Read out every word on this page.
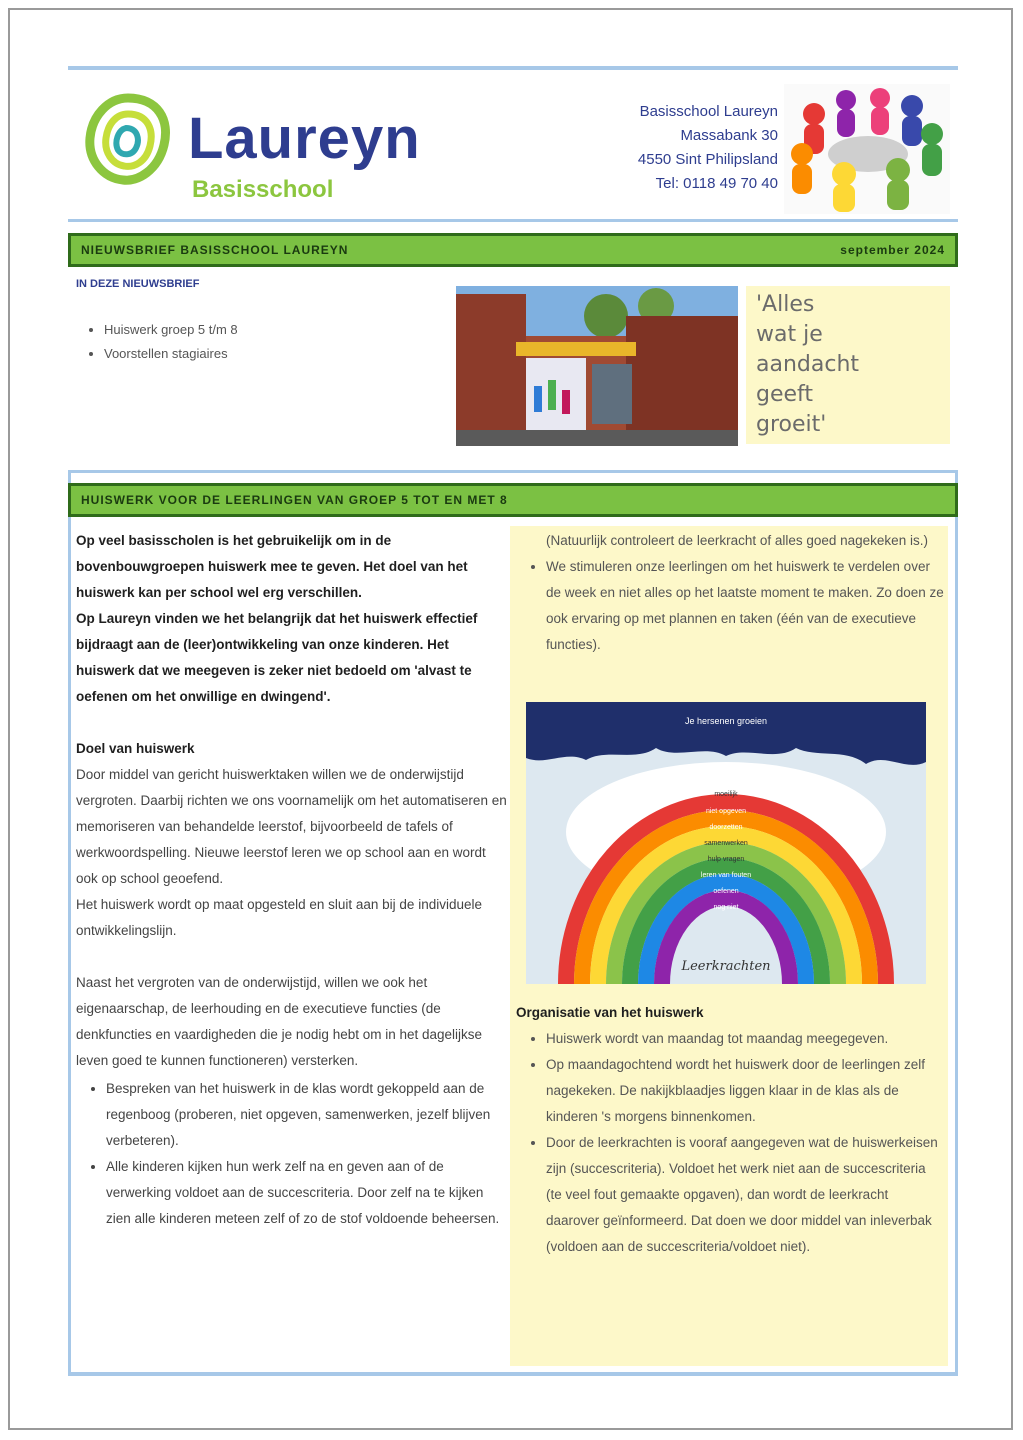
Laureyn
Basisschool
Basisschool Laureyn
Massabank 30
4550 Sint Philipsland
Tel: 0118 49 70 40
NIEUWSBRIEF BASISSCHOOL LAUREYN	september 2024
IN DEZE NIEUWSBRIEF
• Huiswerk groep 5 t/m 8
• Voorstellen stagiaires
'Alles
wat je
aandacht
geeft
groeit'
HUISWERK VOOR DE LEERLINGEN VAN GROEP 5 TOT EN MET 8

Op veel basisscholen is het gebruikelijk om in de bovenbouwgroepen huiswerk mee te geven. Het doel van het huiswerk kan per school wel erg verschillen.

Op Laureyn vinden we het belangrijk dat het huiswerk effectief bijdraagt aan de (leer)ontwikkeling van onze kinderen. Het huiswerk dat we meegeven is zeker niet bedoeld om 'alvast te oefenen om het onwillige en dwingend'.

Doel van huiswerk

Door middel van gericht huiswerktaken willen we de onderwijstijd vergroten. Daarbij richten we ons voornamelijk om het automatiseren en memoriseren van behandelde leerstof, bijvoorbeeld de tafels of werkwoordspelling. Nieuwe leerstof leren we op school aan en wordt ook op school geoefend.

Het huiswerk wordt op maat opgesteld en sluit aan bij de individuele ontwikkelingslijn.

Naast het vergroten van de onderwijstijd, willen we ook het eigenaarschap, de leerhouding en de executieve functies (de denkfuncties en vaardigheden die je nodig hebt om in het dagelijkse leven goed te kunnen functioneren) versterken.

• Bespreken van het huiswerk in de klas wordt gekoppeld aan de regenboog (proberen, niet opgeven, samenwerken, jezelf blijven verbeteren).
• Alle kinderen kijken hun werk zelf na en geven aan of de verwerking voldoet aan de succescriteria. Door zelf na te kijken zien alle kinderen meteen zelf of zo de stof voldoende beheersen.

(Natuurlijk controleert de leerkracht of alles goed nagekeken is.)

• We stimuleren onze leerlingen om het huiswerk te verdelen over de week en niet alles op het laatste moment te maken. Zo doen ze ook ervaring op met plannen en taken (één van de executieve functies).
Je hersenen groeien
moeilijk
niet opgeven
doorzetten
samenwerken
hulp vragen
leren van fouten
oefenen
nog niet
Leerkrachten

Organisatie van het huiswerk

• Huiswerk wordt van maandag tot maandag meegegeven.
• Op maandagochtend wordt het huiswerk door de leerlingen zelf nagekeken. De nakijkblaadjes liggen klaar in de klas als de kinderen 's morgens binnenkomen.
• Door de leerkrachten is vooraf aangegeven wat de huiswerkeisen zijn (succescriteria). Voldoet het werk niet aan de succescriteria (te veel fout gemaakte opgaven), dan wordt de leerkracht daarover geïnformeerd. Dat doen we door middel van inleverbak (voldoen aan de succescriteria/voldoet niet).
